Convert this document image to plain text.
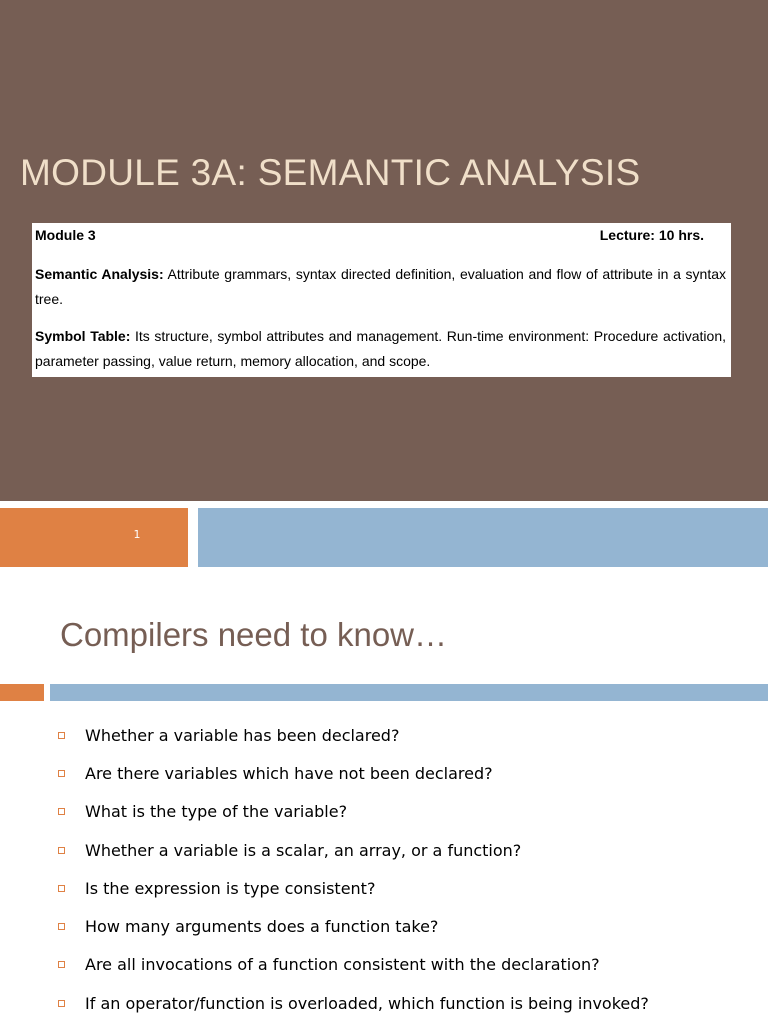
MODULE 3A: SEMANTIC ANALYSIS
Module 3	Lecture: 10 hrs.
Semantic Analysis: Attribute grammars, syntax directed definition, evaluation and flow of attribute in a syntax tree.
Symbol Table: Its structure, symbol attributes and management. Run-time environment: Procedure activation, parameter passing, value return, memory allocation, and scope.
1
Compilers need to know…
Whether a variable has been declared?
Are there variables which have not been declared?
What is the type of the variable?
Whether a variable is a scalar, an array, or a function?
Is the expression is type consistent?
How many arguments does a function take?
Are all invocations of a function consistent with the declaration?
If an operator/function is overloaded, which function is being invoked?
